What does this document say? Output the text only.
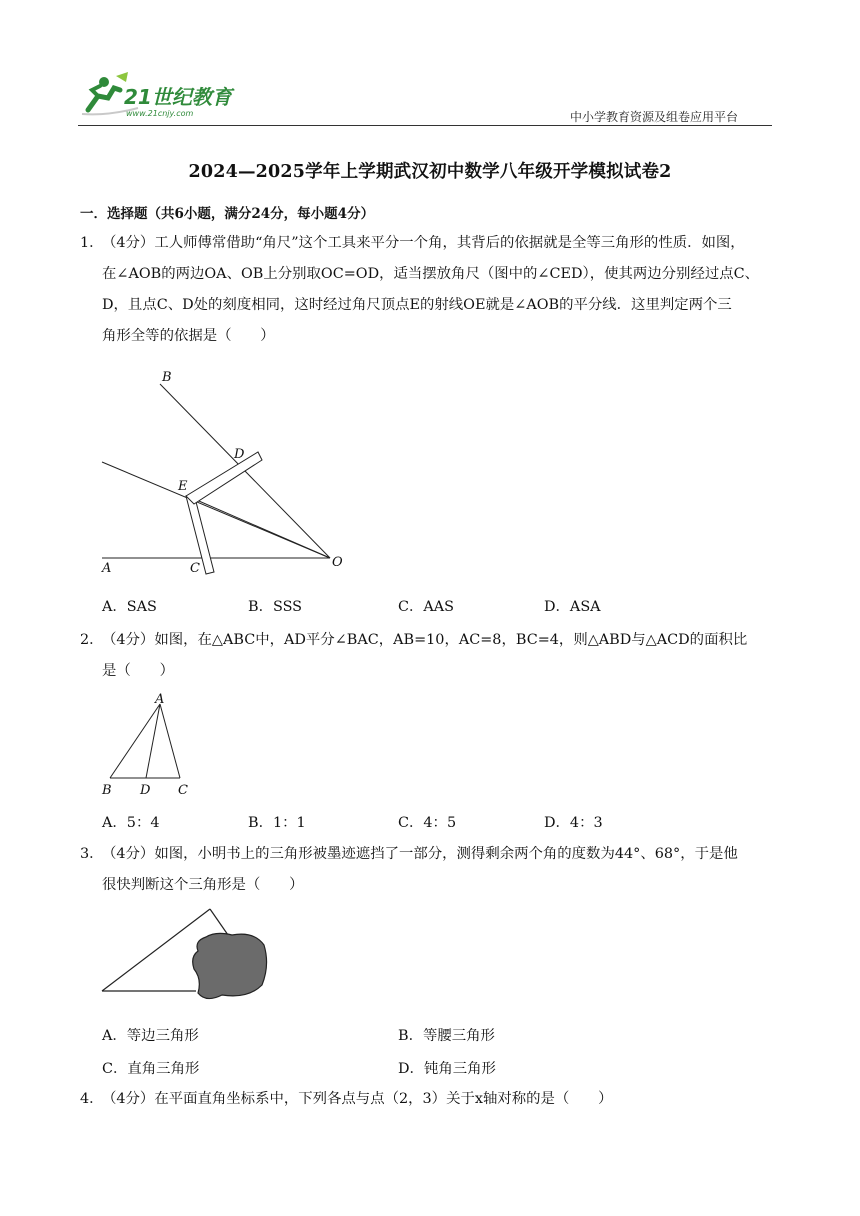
21世纪教育
www.21cnjy.com	中小学教育资源及组卷应用平台
2024—2025学年上学期武汉初中数学八年级开学模拟试卷2
一．选择题（共6小题，满分24分，每小题4分）
1．（4分）工人师傅常借助“角尺”这个工具来平分一个角，其背后的依据就是全等三角形的性质．如图，
在∠AOB的两边OA、OB上分别取OC=OD，适当摆放角尺（图中的∠CED），使其两边分别经过点C、
D，且点C、D处的刻度相同，这时经过角尺顶点E的射线OE就是∠AOB的平分线．这里判定两个三
角形全等的依据是（　　）
B
D
E
A	C	O
A．SAS	B．SSS	C．AAS	D．ASA
2．（4分）如图，在△ABC中，AD平分∠BAC，AB=10，AC=8，BC=4，则△ABD与△ACD的面积比
是（　　）
A
B D C
A．5：4	B．1：1	C．4：5	D．4：3
3．（4分）如图，小明书上的三角形被墨迹遮挡了一部分，测得剩余两个角的度数为44°、68°，于是他
很快判断这个三角形是（　　）
A．等边三角形	B．等腰三角形
C．直角三角形	D．钝角三角形
4．（4分）在平面直角坐标系中，下列各点与点（2，3）关于x轴对称的是（　　）
